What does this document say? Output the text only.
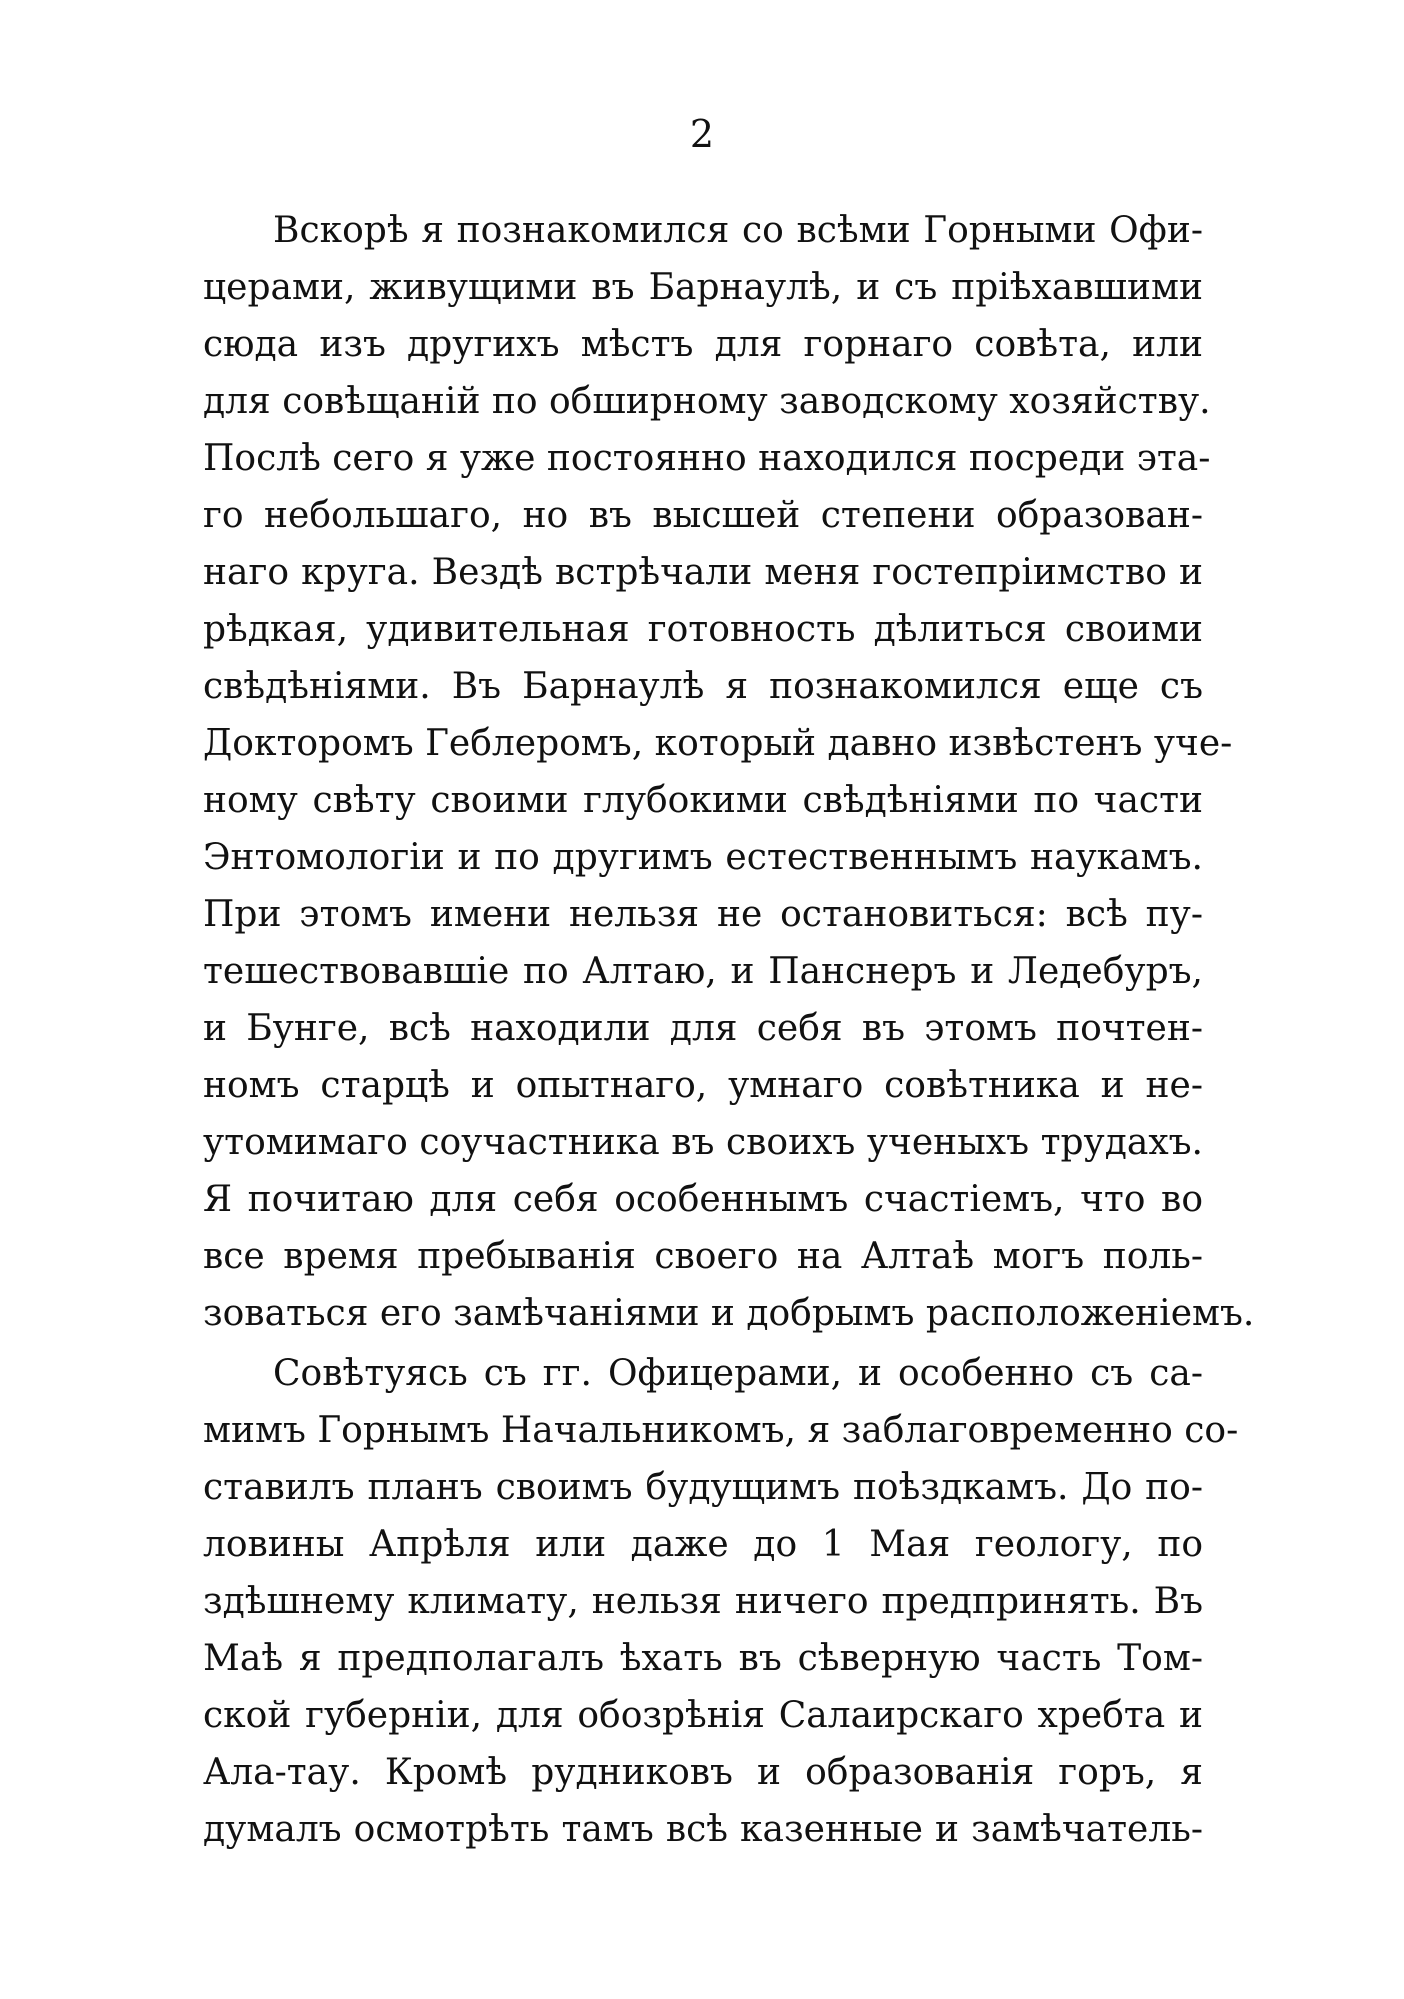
2
Вскорѣ я познакомился со всѣми Горными Офи-
церами, живущими въ Барнаулѣ, и съ пріѣхавшими
сюда изъ другихъ мѣстъ для горнаго совѣта, или
для совѣщаній по обширному заводскому хозяйству.
Послѣ сего я уже постоянно находился посреди эта-
го небольшаго, но въ высшей степени образован-
наго круга. Вездѣ встрѣчали меня гостепріимство и
рѣдкая, удивительная готовность дѣлиться своими
свѣдѣніями. Въ Барнаулѣ я познакомился еще съ
Докторомъ Геблеромъ, который давно извѣстенъ уче-
ному свѣту своими глубокими свѣдѣніями по части
Энтомологіи и по другимъ естественнымъ наукамъ.
При этомъ имени нельзя не остановиться: всѣ пу-
тешествовавшіе по Алтаю, и Панснеръ и Ледебуръ,
и Бунге, всѣ находили для себя въ этомъ почтен-
номъ старцѣ и опытнаго, умнаго совѣтника и не-
утомимаго соучастника въ своихъ ученыхъ трудахъ.
Я почитаю для себя особеннымъ счастіемъ, что во
все время пребыванія своего на Алтаѣ могъ поль-
зоваться его замѣчаніями и добрымъ расположеніемъ.
Совѣтуясь съ гг. Офицерами, и особенно съ са-
мимъ Горнымъ Начальникомъ, я заблаговременно со-
ставилъ планъ своимъ будущимъ поѣздкамъ. До по-
ловины Апрѣля или даже до 1 Мая геологу, по
здѣшнему климату, нельзя ничего предпринять. Въ
Маѣ я предполагалъ ѣхать въ сѣверную часть Том-
ской губерніи, для обозрѣнія Салаирскаго хребта и
Ала-тау. Кромѣ рудниковъ и образованія горъ, я
думалъ осмотрѣть тамъ всѣ казенные и замѣчатель-
